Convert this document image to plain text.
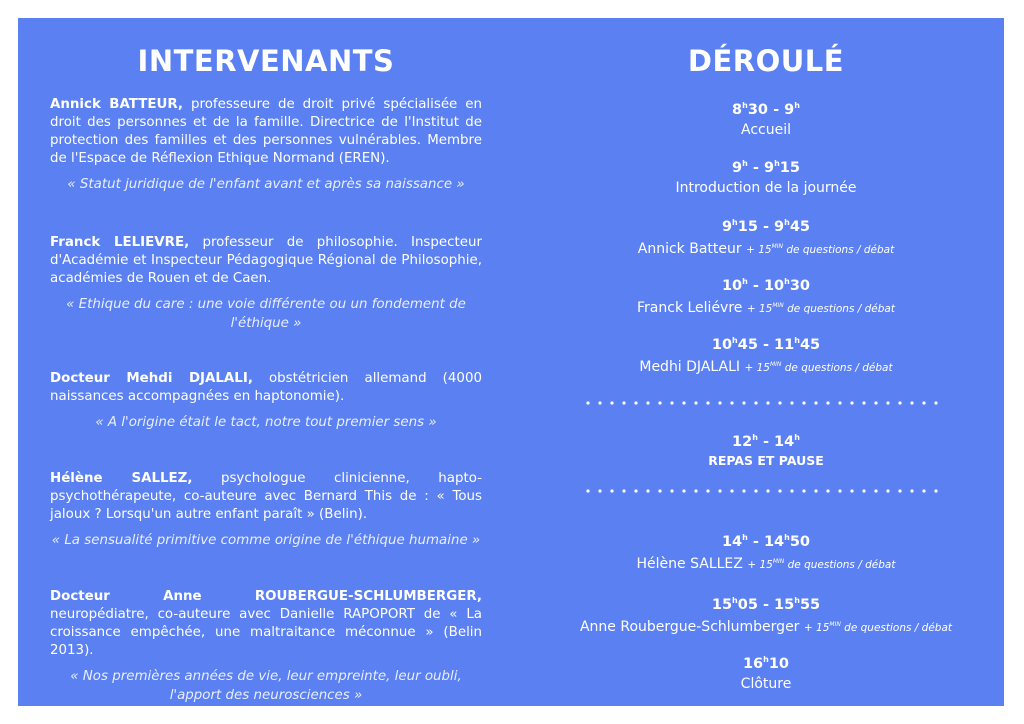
INTERVENANTS
Annick BATTEUR, professeure de droit privé spécialisée en droit des personnes et de la famille. Directrice de l'Institut de protection des familles et des personnes vulnérables. Membre de l'Espace de Réflexion Ethique Normand (EREN).
« Statut juridique de l'enfant avant et après sa naissance »
Franck LELIEVRE, professeur de philosophie. Inspecteur d'Académie et Inspecteur Pédagogique Régional de Philosophie, académies de Rouen et de Caen.
« Ethique du care : une voie différente ou un fondement de l'éthique »
Docteur Mehdi DJALALI, obstétricien allemand (4000 naissances accompagnées en haptonomie).
« A l'origine était le tact, notre tout premier sens »
Hélène SALLEZ, psychologue clinicienne, hapto-psychothérapeute, co-auteure avec Bernard This de : « Tous jaloux ? Lorsqu'un autre enfant paraît » (Belin).
« La sensualité primitive comme origine de l'éthique humaine »
Docteur Anne ROUBERGUE-SCHLUMBERGER, neuropédiatre, co-auteure avec Danielle RAPOPORT de « La croissance empêchée, une maltraitance méconnue » (Belin 2013).
« Nos premières années de vie, leur empreinte, leur oubli, l'apport des neurosciences »
DÉROULÉ
8$^h$30 - 9$^h$
Accueil
9$^h$ - 9$^h$15
Introduction de la journée
9$^h$15 - 9$^h$45
Annick Batteur + $15^{MIN}$ de questions / débat
10$^h$ - 10$^h$30
Franck Leliévre + $15^{MIN}$ de questions / débat
10$^h$45 - 11$^h$45
Medhi DJALALI + $15^{MIN}$ de questions / débat
12$^h$ - 14$^h$
REPAS ET PAUSE
14$^h$ - 14$^h$50
Hélène SALLEZ + $15^{MIN}$ de questions / débat
15$^h$05 - 15$^h$55
Anne Roubergue-Schlumberger + $15^{MIN}$ de questions / débat
16$^h$10
Clôture
